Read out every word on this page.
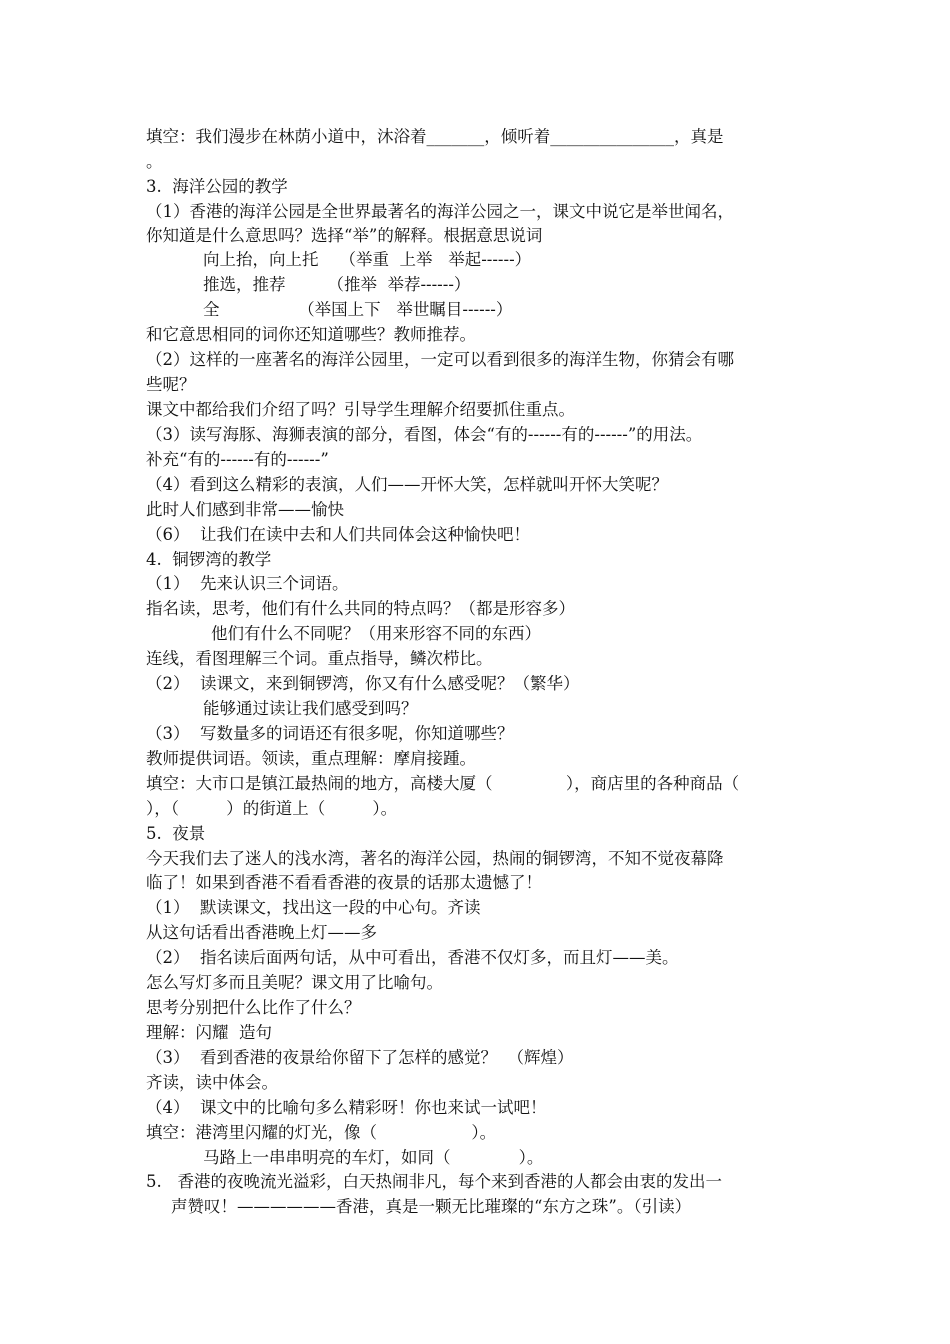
填空：我们漫步在林荫小道中，沐浴着_______，倾听着_______________，真是
。
3.  海洋公园的教学
（1）香港的海洋公园是全世界最著名的海洋公园之一，课文中说它是举世闻名，
你知道是什么意思吗？选择“举”的解释。根据意思说词
向上抬，向上托    （举重  上举   举起------）
推选，推荐        （推举  举荐------）
全               （举国上下   举世瞩目------）
和它意思相同的词你还知道哪些？教师推荐。
（2）这样的一座著名的海洋公园里，一定可以看到很多的海洋生物，你猜会有哪
些呢？
课文中都给我们介绍了吗？引导学生理解介绍要抓住重点。
（3）读写海豚、海狮表演的部分，看图，体会“有的------有的------”的用法。
补充“有的------有的------”
（4）看到这么精彩的表演，人们——开怀大笑，怎样就叫开怀大笑呢？
此时人们感到非常——愉快
（6）  让我们在读中去和人们共同体会这种愉快吧！
4.  铜锣湾的教学
（1）  先来认识三个词语。
指名读，思考，他们有什么共同的特点吗？（都是形容多）
他们有什么不同呢？（用来形容不同的东西）
连线，看图理解三个词。重点指导，鳞次栉比。
（2）  读课文，来到铜锣湾，你又有什么感受呢？（繁华）
能够通过读让我们感受到吗？
（3）  写数量多的词语还有很多呢，你知道哪些？
教师提供词语。领读，重点理解：摩肩接踵。
填空：大市口是镇江最热闹的地方，高楼大厦（              ），商店里的各种商品（
），（         ）的街道上（         ）。
5.  夜景
今天我们去了迷人的浅水湾，著名的海洋公园，热闹的铜锣湾，不知不觉夜幕降
临了！如果到香港不看看香港的夜景的话那太遗憾了！
（1）  默读课文，找出这一段的中心句。齐读
从这句话看出香港晚上灯——多
（2）  指名读后面两句话，从中可看出，香港不仅灯多，而且灯——美。
怎么写灯多而且美呢？课文用了比喻句。
思考分别把什么比作了什么？
理解：闪耀  造句
（3）  看到香港的夜景给你留下了怎样的感觉？  （辉煌）
齐读，读中体会。
（4）  课文中的比喻句多么精彩呀！你也来试一试吧！
填空：港湾里闪耀的灯光，像（                  ）。
马路上一串串明亮的车灯，如同（             ）。
5.   香港的夜晚流光溢彩，白天热闹非凡，每个来到香港的人都会由衷的发出一
声赞叹！——————香港，真是一颗无比璀璨的“东方之珠”。（引读）
